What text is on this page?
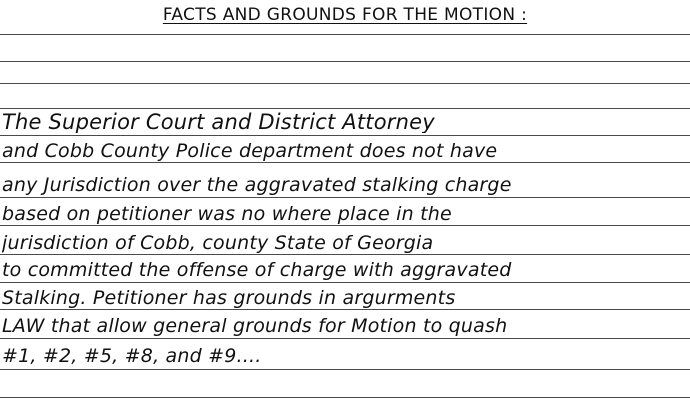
FACTS AND GROUNDS FOR THE MOTION :
The Superior Court and District Attorney
and Cobb County Police department does not have
any Jurisdiction over the aggravated stalking charge
based on petitioner was no where place in the
jurisdiction of Cobb, county State of Georgia
to committed the offense of charge with aggravated
Stalking. Petitioner has grounds in argurments
LAW that allow general grounds for Motion to quash
#1, #2, #5, #8, and #9....
